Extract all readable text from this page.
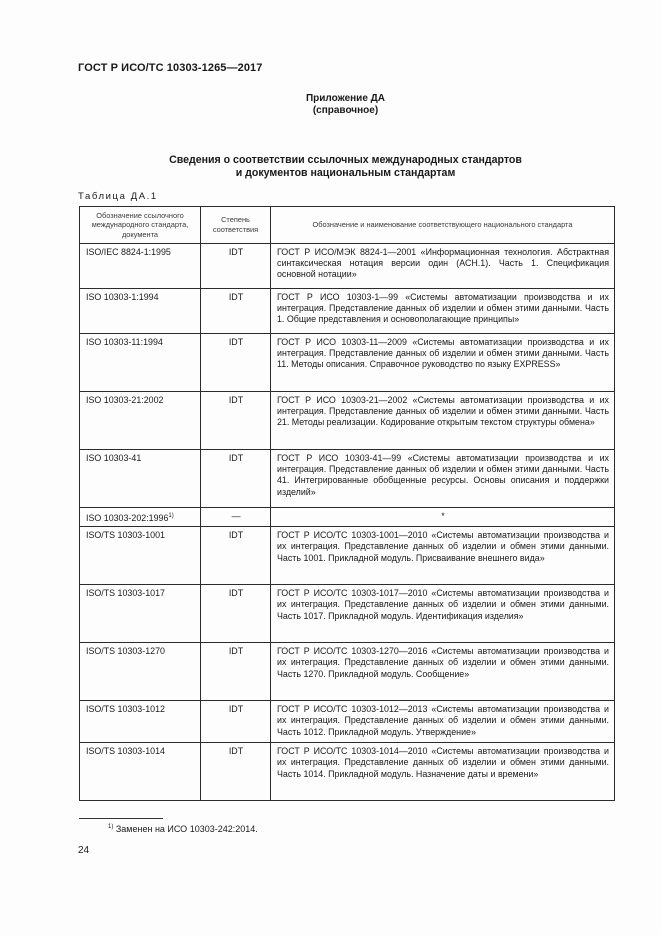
ГОСТ Р ИСО/ТС 10303-1265—2017
Приложение ДА
(справочное)
Сведения о соответствии ссылочных международных стандартов
и документов национальным стандартам
Таблица ДА.1
Обозначение ссылочного международного стандарта, документа	Степень соответствия	Обозначение и наименование соответствующего национального стандарта
ISO/IEC 8824-1:1995	IDT	ГОСТ Р ИСО/МЭК 8824-1—2001 «Информационная технология. Абстрактная синтаксическая нотация версии один (АСН.1). Часть 1. Спецификация основной нотации»
ISO 10303-1:1994	IDT	ГОСТ Р ИСО 10303-1—99 «Системы автоматизации производства и их интеграция. Представление данных об изделии и обмен этими данными. Часть 1. Общие представления и основополагающие принципы»
ISO 10303-11:1994	IDT	ГОСТ Р ИСО 10303-11—2009 «Системы автоматизации производства и их интеграция. Представление данных об изделии и обмен этими данными. Часть 11. Методы описания. Справочное руководство по языку EXPRESS»
ISO 10303-21:2002	IDT	ГОСТ Р ИСО 10303-21—2002 «Системы автоматизации производства и их интеграция. Представление данных об изделии и обмен этими данными. Часть 21. Методы реализации. Кодирование открытым текстом структуры обмена»
ISO 10303-41	IDT	ГОСТ Р ИСО 10303-41—99 «Системы автоматизации производства и их интеграция. Представление данных об изделии и обмен этими данными. Часть 41. Интегрированные обобщенные ресурсы. Основы описания и поддержки изделий»
ISO 10303-202:1996$^{1)}$	—	*
ISO/TS 10303-1001	IDT	ГОСТ Р ИСО/ТС 10303-1001—2010 «Системы автоматизации производства и их интеграция. Представление данных об изделии и обмен этими данными. Часть 1001. Прикладной модуль. Присваивание внешнего вида»
ISO/TS 10303-1017	IDT	ГОСТ Р ИСО/ТС 10303-1017—2010 «Системы автоматизации производства и их интеграция. Представление данных об изделии и обмен этими данными. Часть 1017. Прикладной модуль. Идентификация изделия»
ISO/TS 10303-1270	IDT	ГОСТ Р ИСО/ТС 10303-1270—2016 «Системы автоматизации производства и их интеграция. Представление данных об изделии и обмен этими данными. Часть 1270. Прикладной модуль. Сообщение»
ISO/TS 10303-1012	IDT	ГОСТ Р ИСО/ТС 10303-1012—2013 «Системы автоматизации производства и их интеграция. Представление данных об изделии и обмен этими данными. Часть 1012. Прикладной модуль. Утверждение»
ISO/TS 10303-1014	IDT	ГОСТ Р ИСО/ТС 10303-1014—2010 «Системы автоматизации производства и их интеграция. Представление данных об изделии и обмен этими данными. Часть 1014. Прикладной модуль. Назначение даты и времени»
$^{1)}$ Заменен на ИСО 10303-242:2014.
24
